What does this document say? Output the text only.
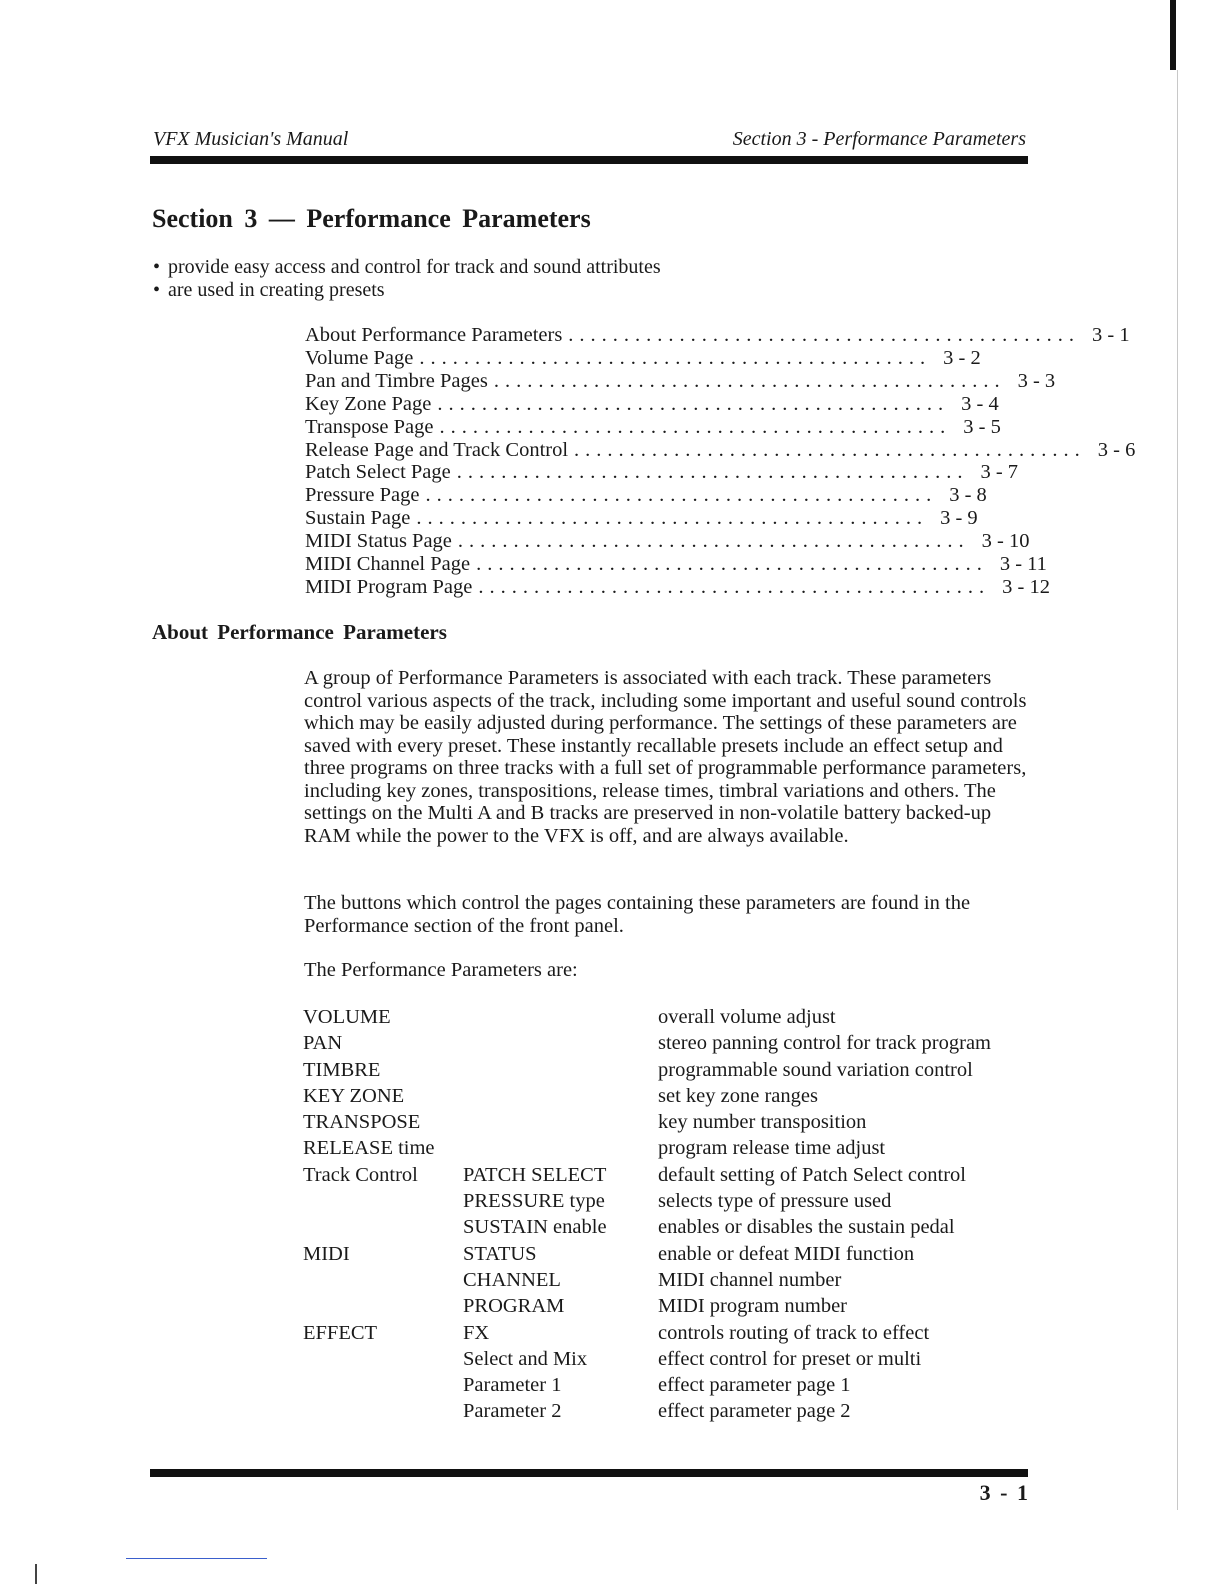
VFX Musician's Manual	Section 3 - Performance Parameters
Section 3 — Performance Parameters
• provide easy access and control for track and sound attributes
• are used in creating presets
About Performance Parameters .............................................. 3 - 1
Volume Page .............................................. 3 - 2
Pan and Timbre Pages .............................................. 3 - 3
Key Zone Page .............................................. 3 - 4
Transpose Page .............................................. 3 - 5
Release Page and Track Control .............................................. 3 - 6
Patch Select Page .............................................. 3 - 7
Pressure Page .............................................. 3 - 8
Sustain Page .............................................. 3 - 9
MIDI Status Page .............................................. 3 - 10
MIDI Channel Page .............................................. 3 - 11
MIDI Program Page .............................................. 3 - 12
About Performance Parameters

A group of Performance Parameters is associated with each track. These parameters control various aspects of the track, including some important and useful sound controls which may be easily adjusted during performance. The settings of these parameters are saved with every preset. These instantly recallable presets include an effect setup and three programs on three tracks with a full set of programmable performance parameters, including key zones, transpositions, release times, timbral variations and others. The settings on the Multi A and B tracks are preserved in non-volatile battery backed-up RAM while the power to the VFX is off, and are always available.

The buttons which control the pages containing these parameters are found in the Performance section of the front panel.

The Performance Parameters are:

VOLUME		overall volume adjust
PAN		stereo panning control for track program
TIMBRE		programmable sound variation control
KEY ZONE		set key zone ranges
TRANSPOSE		key number transposition
RELEASE time		program release time adjust
Track Control	PATCH SELECT	default setting of Patch Select control
	PRESSURE type	selects type of pressure used
	SUSTAIN enable	enables or disables the sustain pedal
MIDI	STATUS	enable or defeat MIDI function
	CHANNEL	MIDI channel number
	PROGRAM	MIDI program number
EFFECT	FX	controls routing of track to effect
	Select and Mix	effect control for preset or multi
	Parameter 1	effect parameter page 1
	Parameter 2	effect parameter page 2
3 - 1
